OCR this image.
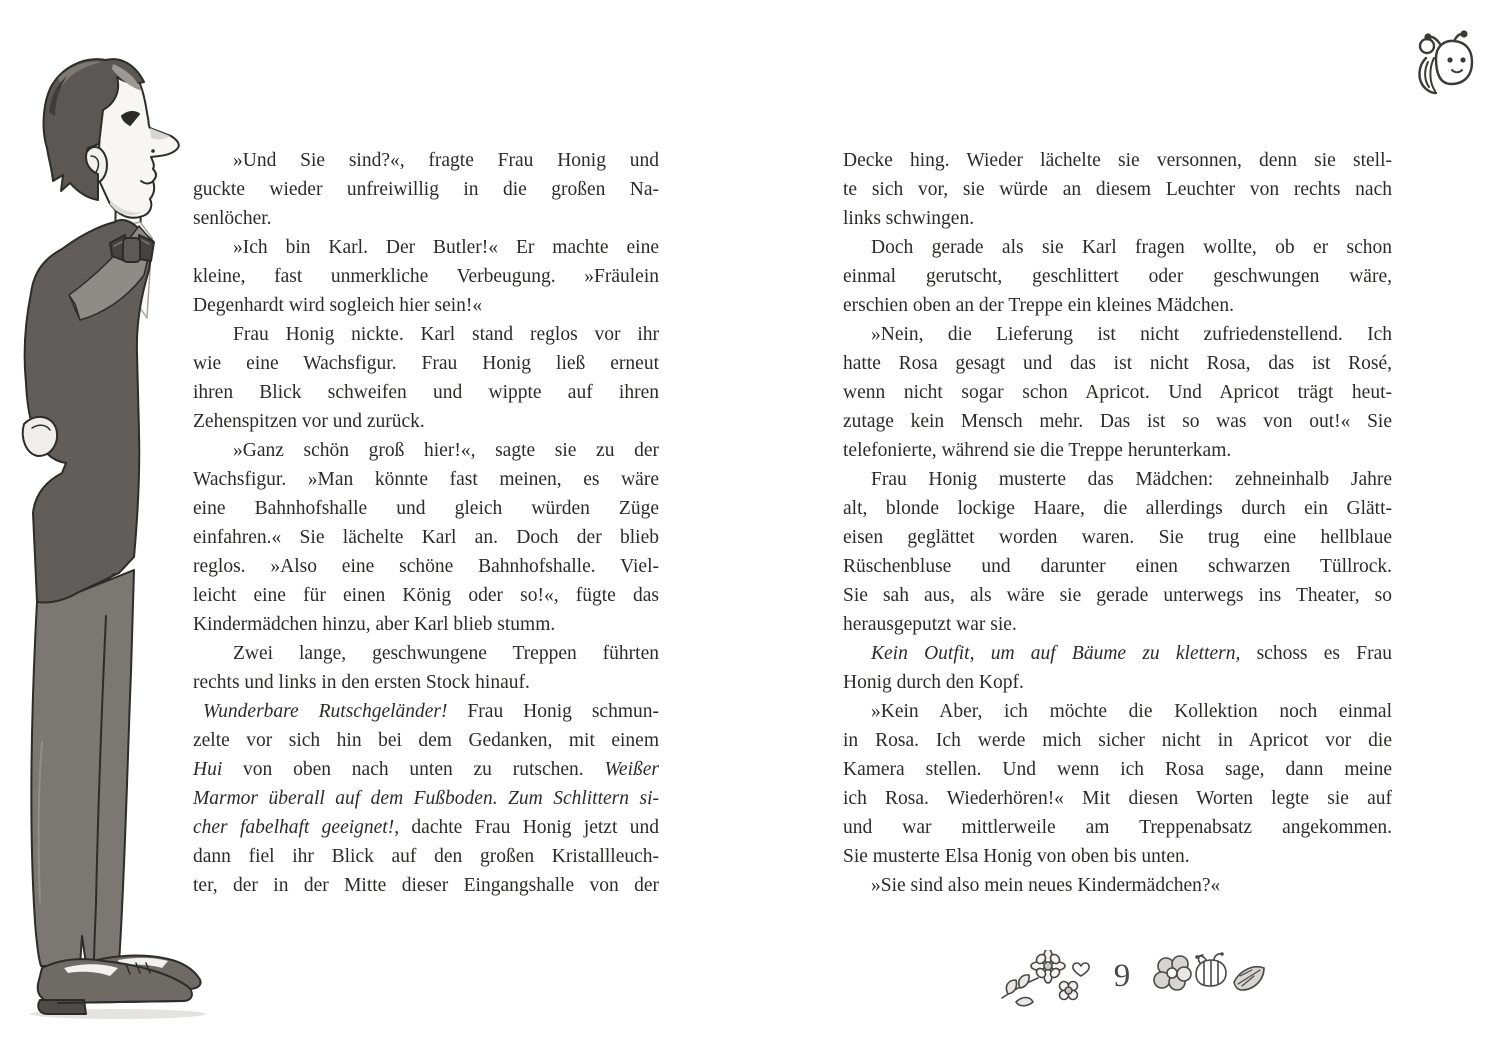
»Und Sie sind?«, fragte Frau Honig und
guckte wieder unfreiwillig in die großen Na-
senlöcher.
»Ich bin Karl. Der Butler!« Er machte eine
kleine, fast unmerkliche Verbeugung. »Fräulein
Degenhardt wird sogleich hier sein!«
Frau Honig nickte. Karl stand reglos vor ihr
wie eine Wachsfigur. Frau Honig ließ erneut
ihren Blick schweifen und wippte auf ihren
Zehenspitzen vor und zurück.
»Ganz schön groß hier!«, sagte sie zu der
Wachsfigur. »Man könnte fast meinen, es wäre
eine Bahnhofshalle und gleich würden Züge
einfahren.« Sie lächelte Karl an. Doch der blieb
reglos. »Also eine schöne Bahnhofshalle. Viel-
leicht eine für einen König oder so!«, fügte das
Kindermädchen hinzu, aber Karl blieb stumm.
Zwei lange, geschwungene Treppen führten
rechts und links in den ersten Stock hinauf.
Wunderbare Rutschgeländer! Frau Honig schmun-
zelte vor sich hin bei dem Gedanken, mit einem
Hui von oben nach unten zu rutschen. Weißer
Marmor überall auf dem Fußboden. Zum Schlittern si-
cher fabelhaft geeignet!, dachte Frau Honig jetzt und
dann fiel ihr Blick auf den großen Kristallleuch-
ter, der in der Mitte dieser Eingangshalle von der
Decke hing. Wieder lächelte sie versonnen, denn sie stell-
te sich vor, sie würde an diesem Leuchter von rechts nach
links schwingen.
Doch gerade als sie Karl fragen wollte, ob er schon
einmal gerutscht, geschlittert oder geschwungen wäre,
erschien oben an der Treppe ein kleines Mädchen.
»Nein, die Lieferung ist nicht zufriedenstellend. Ich
hatte Rosa gesagt und das ist nicht Rosa, das ist Rosé,
wenn nicht sogar schon Apricot. Und Apricot trägt heut-
zutage kein Mensch mehr. Das ist so was von out!« Sie
telefonierte, während sie die Treppe herunterkam.
Frau Honig musterte das Mädchen: zehneinhalb Jahre
alt, blonde lockige Haare, die allerdings durch ein Glätt-
eisen geglättet worden waren. Sie trug eine hellblaue
Rüschenbluse und darunter einen schwarzen Tüllrock.
Sie sah aus, als wäre sie gerade unterwegs ins Theater, so
herausgeputzt war sie.
Kein Outfit, um auf Bäume zu klettern, schoss es Frau
Honig durch den Kopf.
»Kein Aber, ich möchte die Kollektion noch einmal
in Rosa. Ich werde mich sicher nicht in Apricot vor die
Kamera stellen. Und wenn ich Rosa sage, dann meine
ich Rosa. Wiederhören!« Mit diesen Worten legte sie auf
und war mittlerweile am Treppenabsatz angekommen.
Sie musterte Elsa Honig von oben bis unten.
»Sie sind also mein neues Kindermädchen?«
9
